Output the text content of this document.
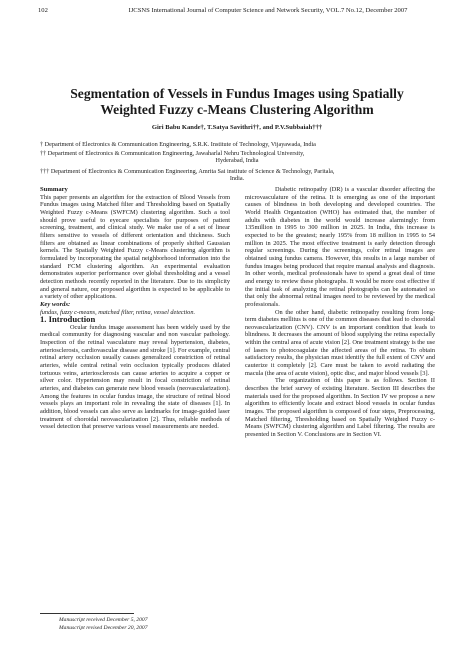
102	IJCSNS International Journal of Computer Science and Network Security, VOL.7 No.12, December 2007
Segmentation of Vessels in Fundus Images using Spatially
Weighted Fuzzy c-Means Clustering Algorithm
Giri Babu Kande†, T.Satya Savithri††, and P.V.Subbaiah†††
† Department of Electronics & Communication Engineering, S.R.K. Institute of Technology, Vijayawada, India
†† Department of Electronics & Communication Engineering, Jawaharlal Nehru Technological University,
Hyderabad, India
††† Department of Electronics & Communication Engineering, Amrita Sai institute of Science & Technology, Paritala,
India.

Summary

This paper presents an algorithm for the extraction of Blood Vessels from Fundus images using Matched filter and Thresholding based on Spatially Weighted Fuzzy c-Means (SWFCM) clustering algorithm. Such a tool should prove useful to eyecare specialists for purposes of patient screening, treatment, and clinical study. We make use of a set of linear filters sensitive to vessels of different orientation and thickness. Such filters are obtained as linear combinations of properly shifted Gaussian kernels. The Spatially Weighted Fuzzy c-Means clustering algorithm is formulated by incorporating the spatial neighborhood information into the standard FCM clustering algorithm. An experimental evaluation demonstrates superior performance over global thresholding and a vessel detection methods recently reported in the literature. Due to its simplicity and general nature, our proposed algorithm is expected to be applicable to a variety of other applications.

Key words:

fundus, fuzzy c-means, matched filter, retina, vessel detection.

1. Introduction

Ocular fundus image assessment has been widely used by the medical community for diagnosing vascular and non vascular pathology. Inspection of the retinal vasculature may reveal hypertension, diabetes, arteriosclerosis, cardiovascular disease and stroke [1]. For example, central retinal artery occlusion usually causes generalized constriction of retinal arteries, while central retinal vein occlusion typically produces dilated tortuous veins, arteriosclerosis can cause arteries to acquire a copper or silver color. Hypertension may result in focal constriction of retinal arteries, and diabetes can generate new blood vessels (neovascularization). Among the features in ocular fundus image, the structure of retinal blood vessels plays an important role in revealing the state of diseases [1]. In addition, blood vessels can also serve as landmarks for image-guided laser treatment of choroidal neovascularization [2]. Thus, reliable methods of vessel detection that preserve various vessel measurements are needed.

Diabetic retinopathy (DR) is a vascular disorder affecting the microvasculature of the retina. It is emerging as one of the important causes of blindness in both developing and developed countries. The World Health Organization (WHO) has estimated that, the number of adults with diabetes in the world would increase alarmingly: from 135million in 1995 to 300 million in 2025. In India, this increase is expected to be the greatest; nearly 195% from 18 million in 1995 to 54 million in 2025. The most effective treatment is early detection through regular screenings. During the screenings, color retinal images are obtained using fundus camera. However, this results in a large number of fundus images being produced that require manual analysis and diagnosis. In other words, medical professionals have to spend a great deal of time and energy to review these photographs. It would be more cost effective if the initial task of analyzing the retinal photographs can be automated so that only the abnormal retinal images need to be reviewed by the medical professionals.

On the other hand, diabetic retinopathy resulting from long-term diabetes mellitus is one of the common diseases that lead to choroidal neovascularization (CNV). CNV is an important condition that leads to blindness. It decreases the amount of blood supplying the retina especially within the central area of acute vision [2]. One treatment strategy is the use of lasers to photocoagulate the affected areas of the retina. To obtain satisfactory results, the physician must identify the full extent of CNV and cauterize it completely [2]. Care must be taken to avoid radiating the macula (the area of acute vision), optic disc, and major blood vessels [3].

The organization of this paper is as follows. Section II describes the brief survey of existing literature. Section III describes the materials used for the proposed algorithm. In Section IV we propose a new algorithm to efficiently locate and extract blood vessels in ocular fundus images. The proposed algorithm is composed of four steps, Preprocessing, Matched filtering, Thresholding based on Spatially Weighted Fuzzy c-Means (SWFCM) clustering algorithm and Label filtering. The results are presented in Section V. Conclusions are in Section VI.

Manuscript received December 5, 2007
Manuscript revised December 20, 2007
